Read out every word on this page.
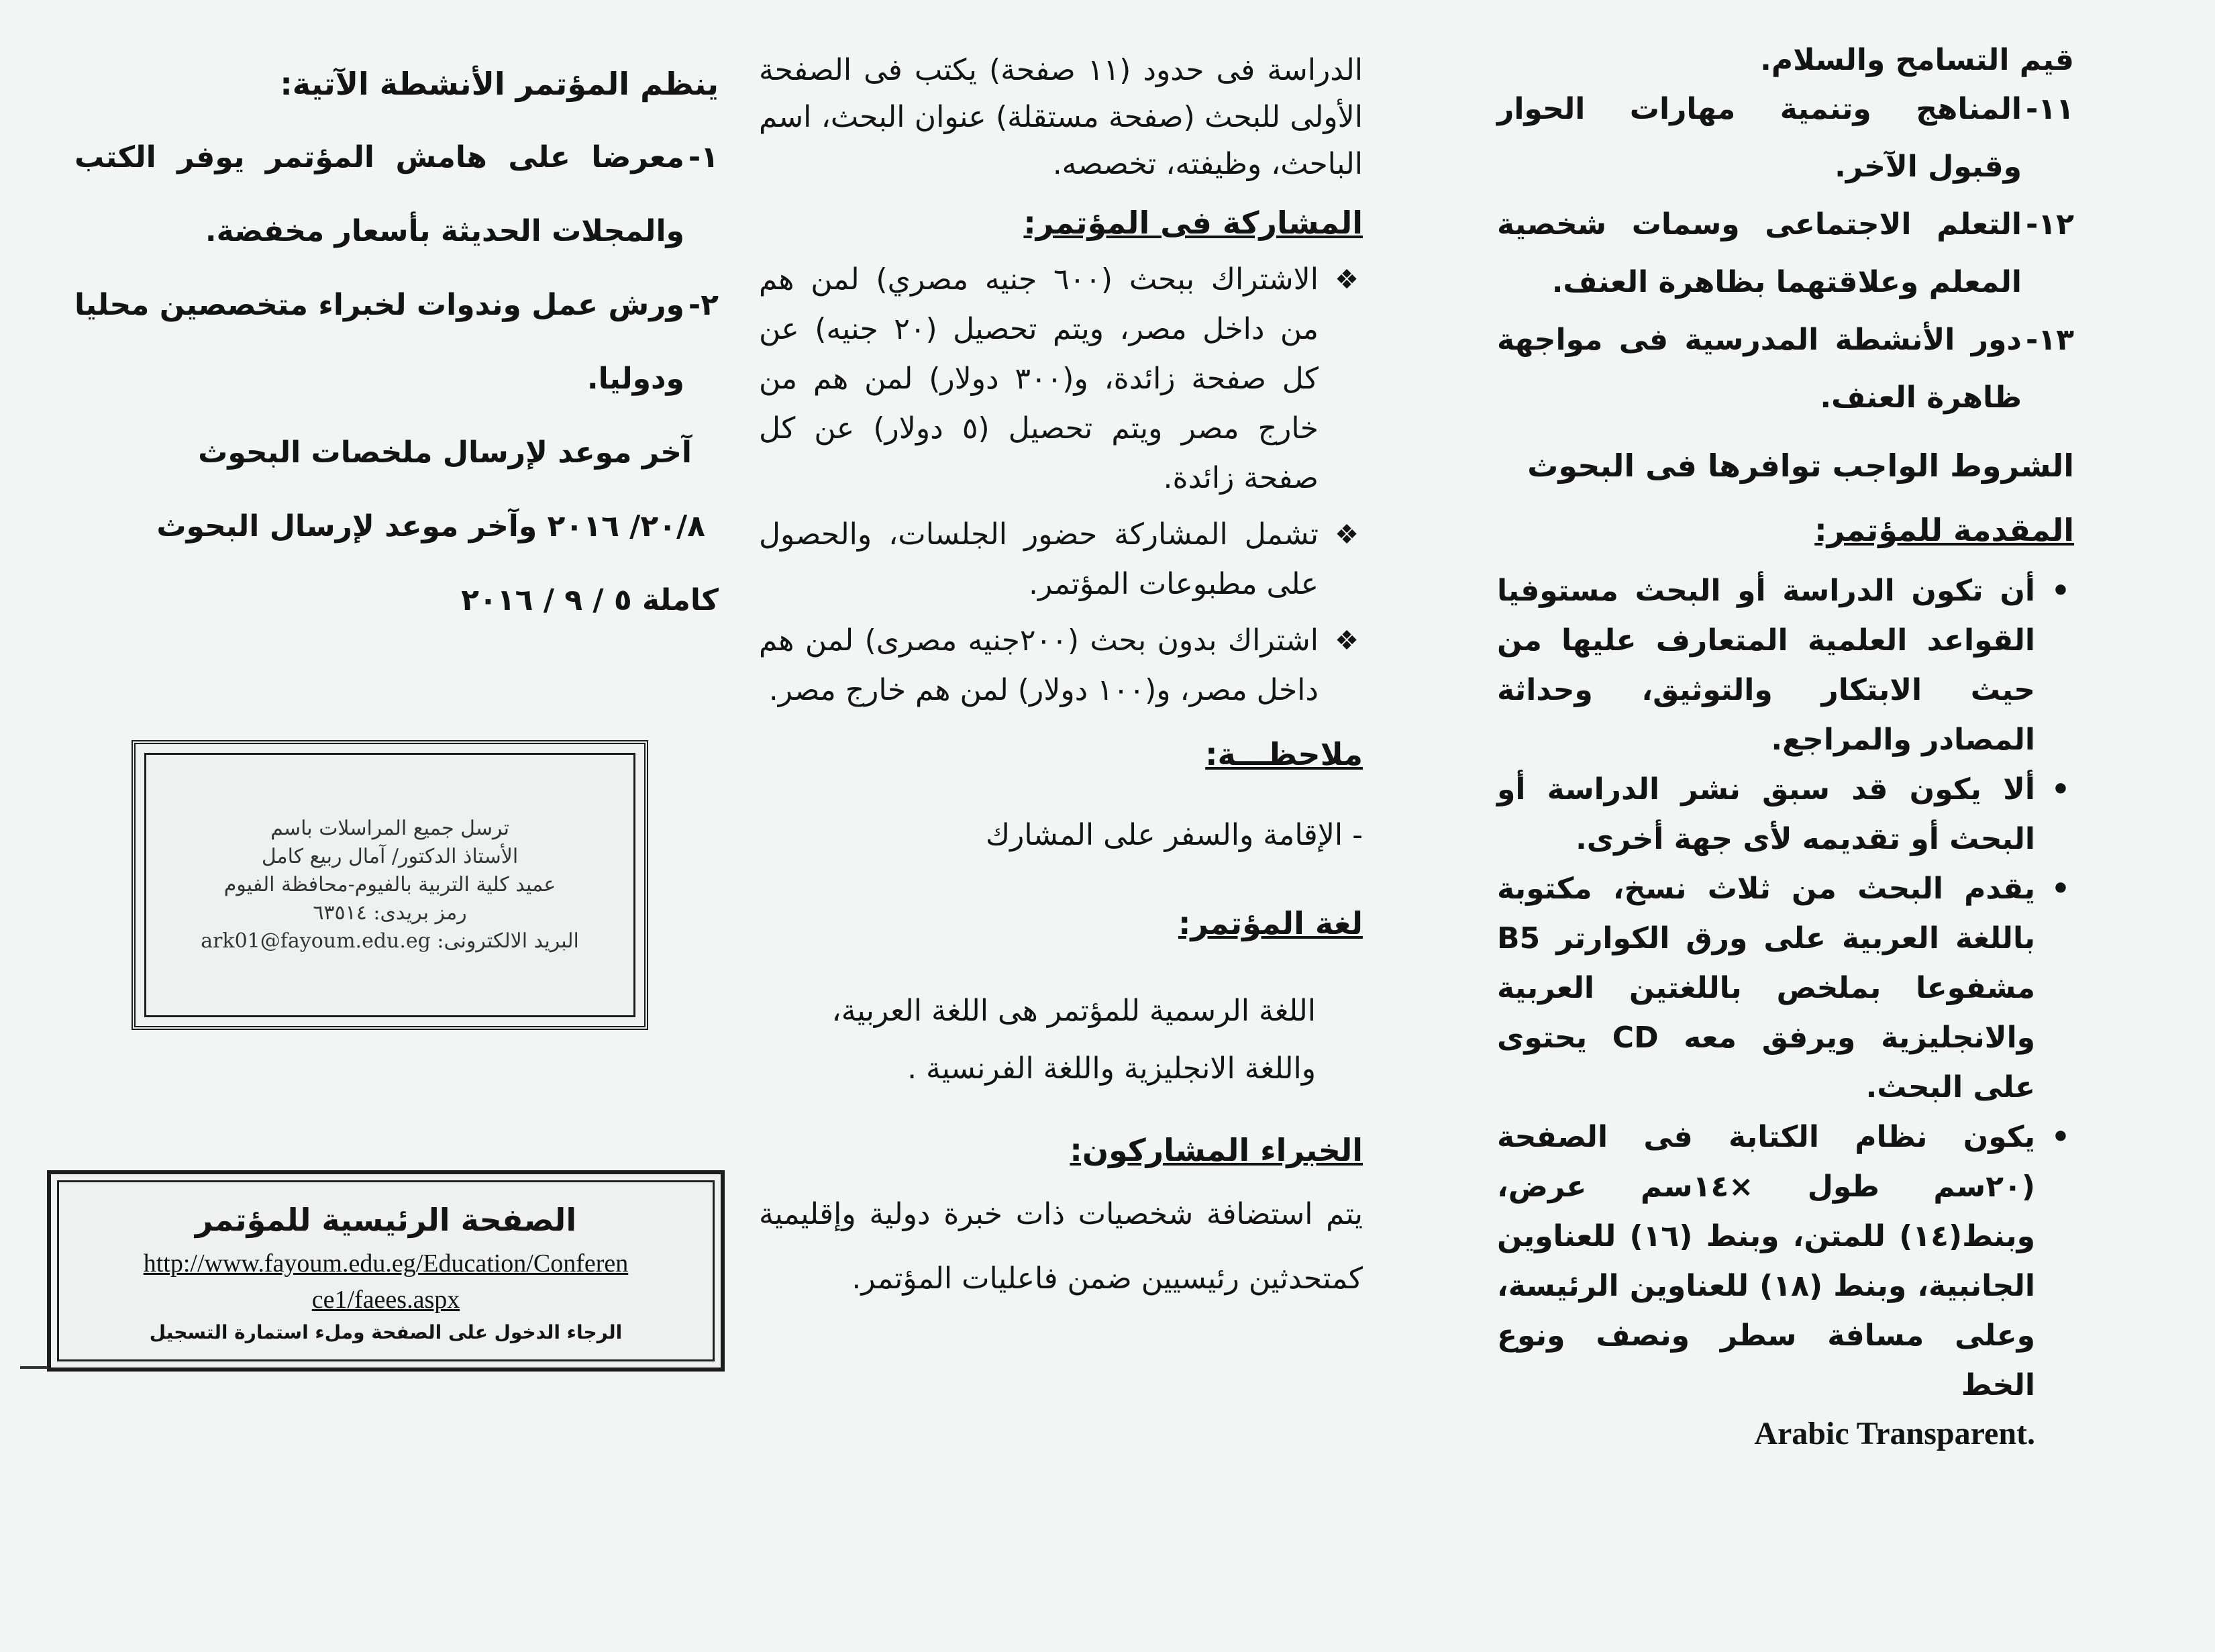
قيم التسامح والسلام.

١١-
المناهج وتنمية مهارات الحوار وقبول الآخر.
١٢-
التعلم الاجتماعى وسمات شخصية المعلم وعلاقتهما بظاهرة العنف.
١٣-
دور الأنشطة المدرسية فى مواجهة ظاهرة العنف.

الشروط الواجب توافرها فى البحوث

المقدمة للمؤتمر:

• أن تكون الدراسة أو البحث مستوفيا القواعد العلمية المتعارف عليها من حيث الابتكار والتوثيق، وحداثة المصادر والمراجع.
• ألا يكون قد سبق نشر الدراسة أو البحث أو تقديمه لأى جهة أخرى.
• يقدم البحث من ثلاث نسخ، مكتوبة باللغة العربية على ورق الكوارتر B5 مشفوعا بملخص باللغتين العربية والانجليزية ويرفق معه CD يحتوى على البحث.
• يكون نظام الكتابة فى الصفحة (٢٠سم طول ×١٤سم عرض، وبنط(١٤) للمتن، وبنط (١٦) للعناوين الجانبية، وبنط (١٨) للعناوين الرئيسة، وعلى مسافة سطر ونصف ونوع الخط

Arabic Transparent.

الدراسة فى حدود (١١ صفحة) يكتب فى الصفحة الأولى للبحث (صفحة مستقلة) عنوان البحث، اسم الباحث، وظيفته، تخصصه.

المشاركة فى المؤتمر:

❖ الاشتراك ببحث (٦٠٠ جنيه مصري) لمن هم من داخل مصر، ويتم تحصيل (٢٠ جنيه) عن كل صفحة زائدة، و(٣٠٠ دولار) لمن هم من خارج مصر ويتم تحصيل (٥ دولار) عن كل صفحة زائدة.
❖ تشمل المشاركة حضور الجلسات، والحصول على مطبوعات المؤتمر.
❖ اشتراك بدون بحث (٢٠٠جنيه مصرى) لمن هم داخل مصر، و(١٠٠ دولار) لمن هم خارج مصر.

ملاحظـــة:

- الإقامة والسفر على المشارك

لغة المؤتمر:

اللغة الرسمية للمؤتمر هى اللغة العربية،

واللغة الانجليزية واللغة الفرنسية .

الخبراء المشاركون:

يتم استضافة شخصيات ذات خبرة دولية وإقليمية كمتحدثين رئيسيين ضمن فاعليات المؤتمر.

ينظم المؤتمر الأنشطة الآتية:

١-
معرضا على هامش المؤتمر يوفر الكتب والمجلات الحديثة بأسعار مخفضة.
٢-
ورش عمل وندوات لخبراء متخصصين محليا ودوليا.

آخر موعد لإرسال ملخصات البحوث

٢٠/٨/ ٢٠١٦ وآخر موعد لإرسال البحوث

كاملة ٥ / ٩ / ٢٠١٦

ترسل جميع المراسلات باسم
الأستاذ الدكتور/ آمال ربيع كامل
عميد كلية التربية بالفيوم-محافظة الفيوم
رمز بريدى: ٦٣٥١٤
البريد الالكترونى: ark01@fayoum.edu.eg
الصفحة الرئيسية للمؤتمر
http://www.fayoum.edu.eg/Education/Conferen
ce1/faees.aspx
الرجاء الدخول على الصفحة وملء استمارة التسجيل
